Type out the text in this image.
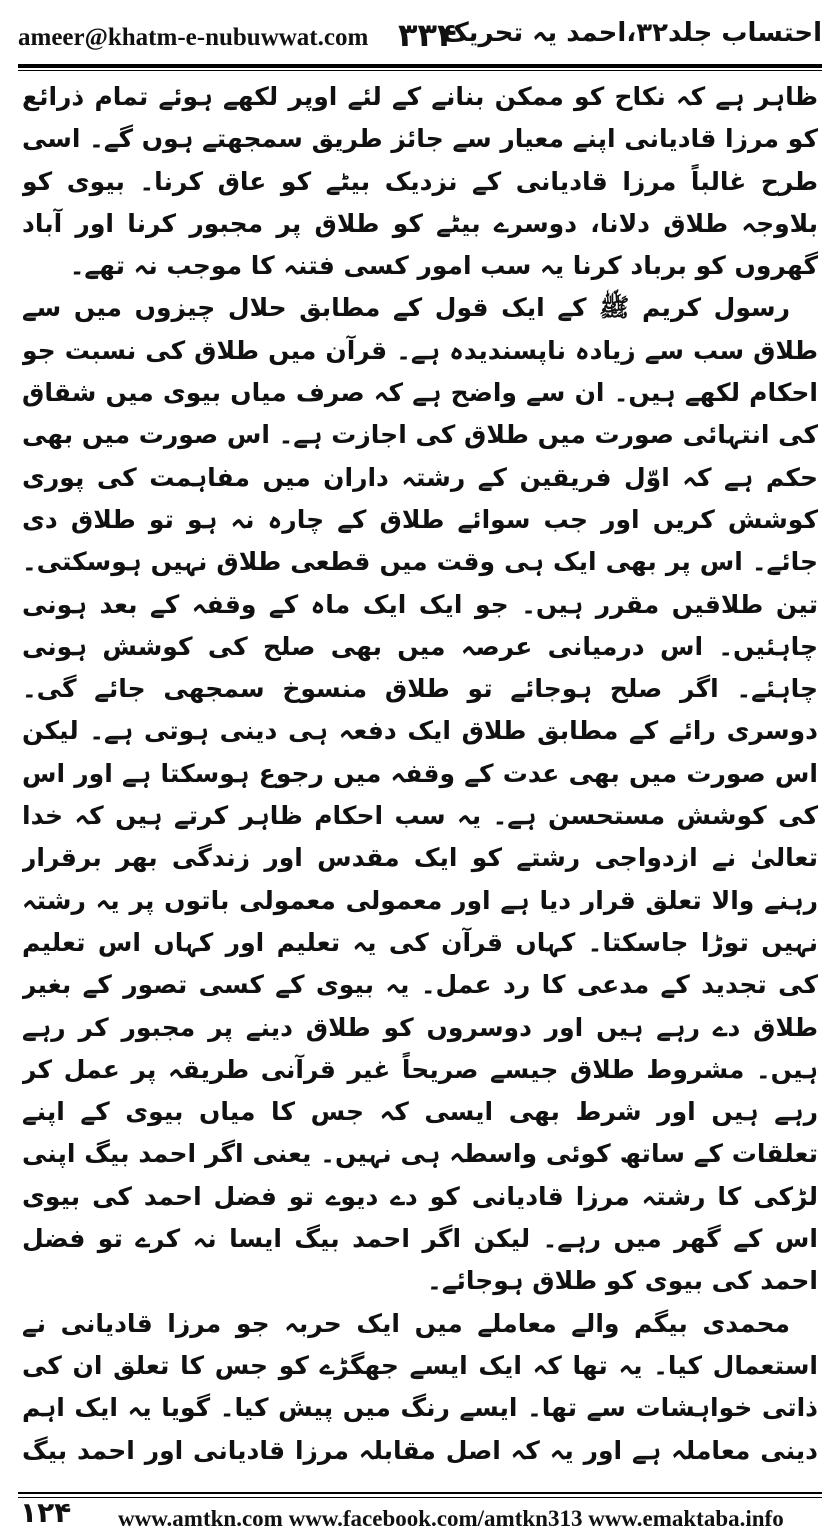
ameer@khatm-e-nubuwwat.com ۳۳۴
احتساب جلد۳۲،احمد یہ تحریک

ظاہر ہے کہ نکاح کو ممکن بنانے کے لئے اوپر لکھے ہوئے تمام ذرائع کو مرزا قادیانی اپنے معیار سے جائز طریق سمجھتے ہوں گے۔ اسی طرح غالباً مرزا قادیانی کے نزدیک بیٹے کو عاق کرنا۔ بیوی کو بلاوجہ طلاق دلانا، دوسرے بیٹے کو طلاق پر مجبور کرنا اور آباد گھروں کو برباد کرنا یہ سب امور کسی فتنہ کا موجب نہ تھے۔

رسول کریم ﷺ کے ایک قول کے مطابق حلال چیزوں میں سے طلاق سب سے زیادہ ناپسندیدہ ہے۔ قرآن میں طلاق کی نسبت جو احکام لکھے ہیں۔ ان سے واضح ہے کہ صرف میاں بیوی میں شقاق کی انتہائی صورت میں طلاق کی اجازت ہے۔ اس صورت میں بھی حکم ہے کہ اوّل فریقین کے رشتہ داران میں مفاہمت کی پوری کوشش کریں اور جب سوائے طلاق کے چارہ نہ ہو تو طلاق دی جائے۔ اس پر بھی ایک ہی وقت میں قطعی طلاق نہیں ہوسکتی۔ تین طلاقیں مقرر ہیں۔ جو ایک ایک ماہ کے وقفہ کے بعد ہونی چاہئیں۔ اس درمیانی عرصہ میں بھی صلح کی کوشش ہونی چاہئے۔ اگر صلح ہوجائے تو طلاق منسوخ سمجھی جائے گی۔ دوسری رائے کے مطابق طلاق ایک دفعہ ہی دینی ہوتی ہے۔ لیکن اس صورت میں بھی عدت کے وقفہ میں رجوع ہوسکتا ہے اور اس کی کوشش مستحسن ہے۔ یہ سب احکام ظاہر کرتے ہیں کہ خدا تعالیٰ نے ازدواجی رشتے کو ایک مقدس اور زندگی بھر برقرار رہنے والا تعلق قرار دیا ہے اور معمولی معمولی باتوں پر یہ رشتہ نہیں توڑا جاسکتا۔ کہاں قرآن کی یہ تعلیم اور کہاں اس تعلیم کی تجدید کے مدعی کا رد عمل۔ یہ بیوی کے کسی تصور کے بغیر طلاق دے رہے ہیں اور دوسروں کو طلاق دینے پر مجبور کر رہے ہیں۔ مشروط طلاق جیسے صریحاً غیر قرآنی طریقہ پر عمل کر رہے ہیں اور شرط بھی ایسی کہ جس کا میاں بیوی کے اپنے تعلقات کے ساتھ کوئی واسطہ ہی نہیں۔ یعنی اگر احمد بیگ اپنی لڑکی کا رشتہ مرزا قادیانی کو دے دیوے تو فضل احمد کی بیوی اس کے گھر میں رہے۔ لیکن اگر احمد بیگ ایسا نہ کرے تو فضل احمد کی بیوی کو طلاق ہوجائے۔

محمدی بیگم والے معاملے میں ایک حربہ جو مرزا قادیانی نے استعمال کیا۔ یہ تھا کہ ایک ایسے جھگڑے کو جس کا تعلق ان کی ذاتی خواہشات سے تھا۔ ایسے رنگ میں پیش کیا۔ گویا یہ ایک اہم دینی معاملہ ہے اور یہ کہ اصل مقابلہ مرزا قادیانی اور احمد بیگ

۱۲۴ www.amtkn.com www.facebook.com/amtkn313 www.emaktaba.info
